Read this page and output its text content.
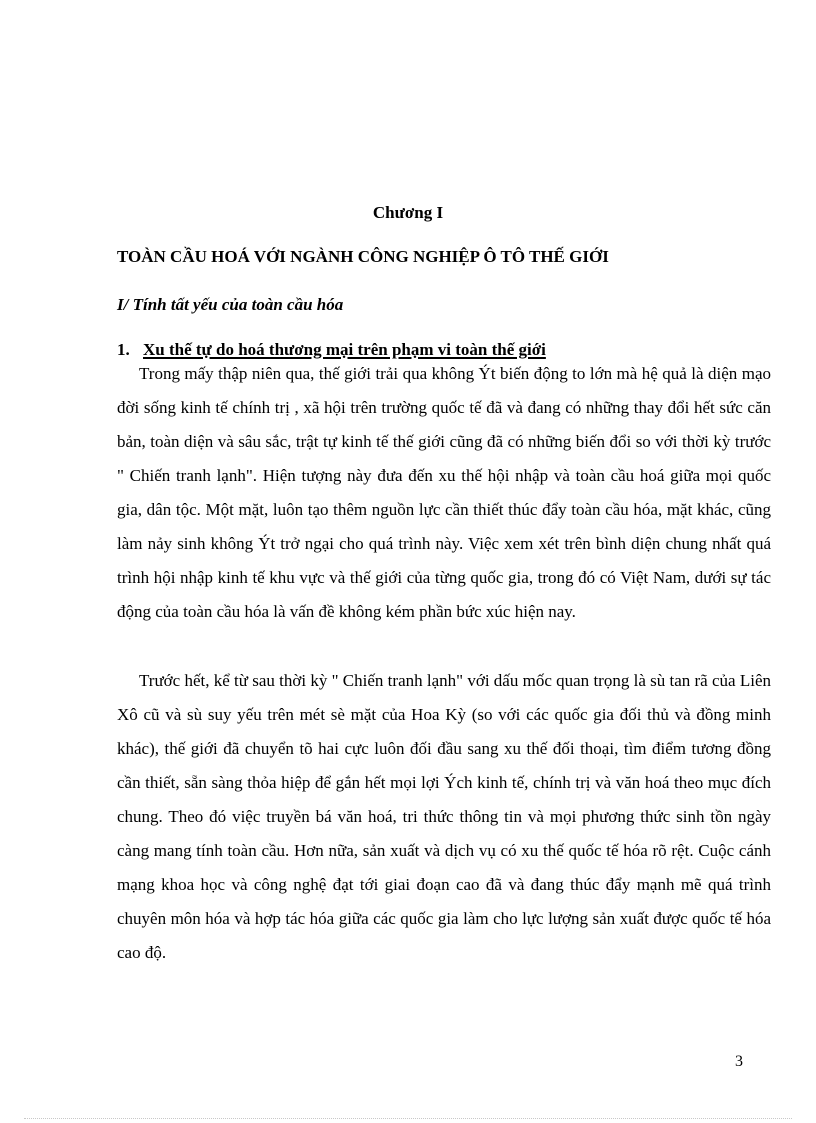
Chương I
TOÀN CẦU HOÁ VỚI NGÀNH CÔNG NGHIỆP Ô TÔ THẾ GIỚI
I/ Tính tất yếu của toàn cầu hóa
1. Xu thế tự do hoá thương mại trên phạm vi toàn thế giới

Trong mấy thập niên qua, thế giới trải qua không Ýt biến động to lớn mà hệ quả là diện mạo đời sống kinh tế chính trị , xã hội trên trường quốc tế đã và đang có những thay đổi hết sức căn bản, toàn diện và sâu sắc, trật tự kinh tế thế giới cũng đã có những biến đổi so với thời kỳ trước " Chiến tranh lạnh". Hiện tượng này đưa đến xu thế hội nhập và toàn cầu hoá giữa mọi quốc gia, dân tộc. Một mặt, luôn tạo thêm nguồn lực cần thiết thúc đẩy toàn cầu hóa, mặt khác, cũng làm nảy sinh không Ýt trở ngại cho quá trình này. Việc xem xét trên bình diện chung nhất quá trình hội nhập kinh tế khu vực và thế giới của từng quốc gia, trong đó có Việt Nam, dưới sự tác động của toàn cầu hóa là vấn đề không kém phần bức xúc hiện nay.

Trước hết, kể từ sau thời kỳ " Chiến tranh lạnh" với dấu mốc quan trọng là sù tan rã của Liên Xô cũ và sù suy yếu trên mét sè mặt của Hoa Kỳ (so với các quốc gia đối thủ và đồng minh khác), thế giới đã chuyển tõ hai cực luôn đối đầu sang xu thế đối thoại, tìm điểm tương đồng cần thiết, sẵn sàng thỏa hiệp để gắn hết mọi lợi Ých kinh tế, chính trị và văn hoá theo mục đích chung. Theo đó việc truyền bá văn hoá, tri thức thông tin và mọi phương thức sinh tồn ngày càng mang tính toàn cầu. Hơn nữa, sản xuất và dịch vụ có xu thế quốc tế hóa rõ rệt. Cuộc cánh mạng khoa học và công nghệ đạt tới giai đoạn cao đã và đang thúc đẩy mạnh mẽ quá trình chuyên môn hóa và hợp tác hóa giữa các quốc gia làm cho lực lượng sản xuất được quốc tế hóa cao độ.

3
